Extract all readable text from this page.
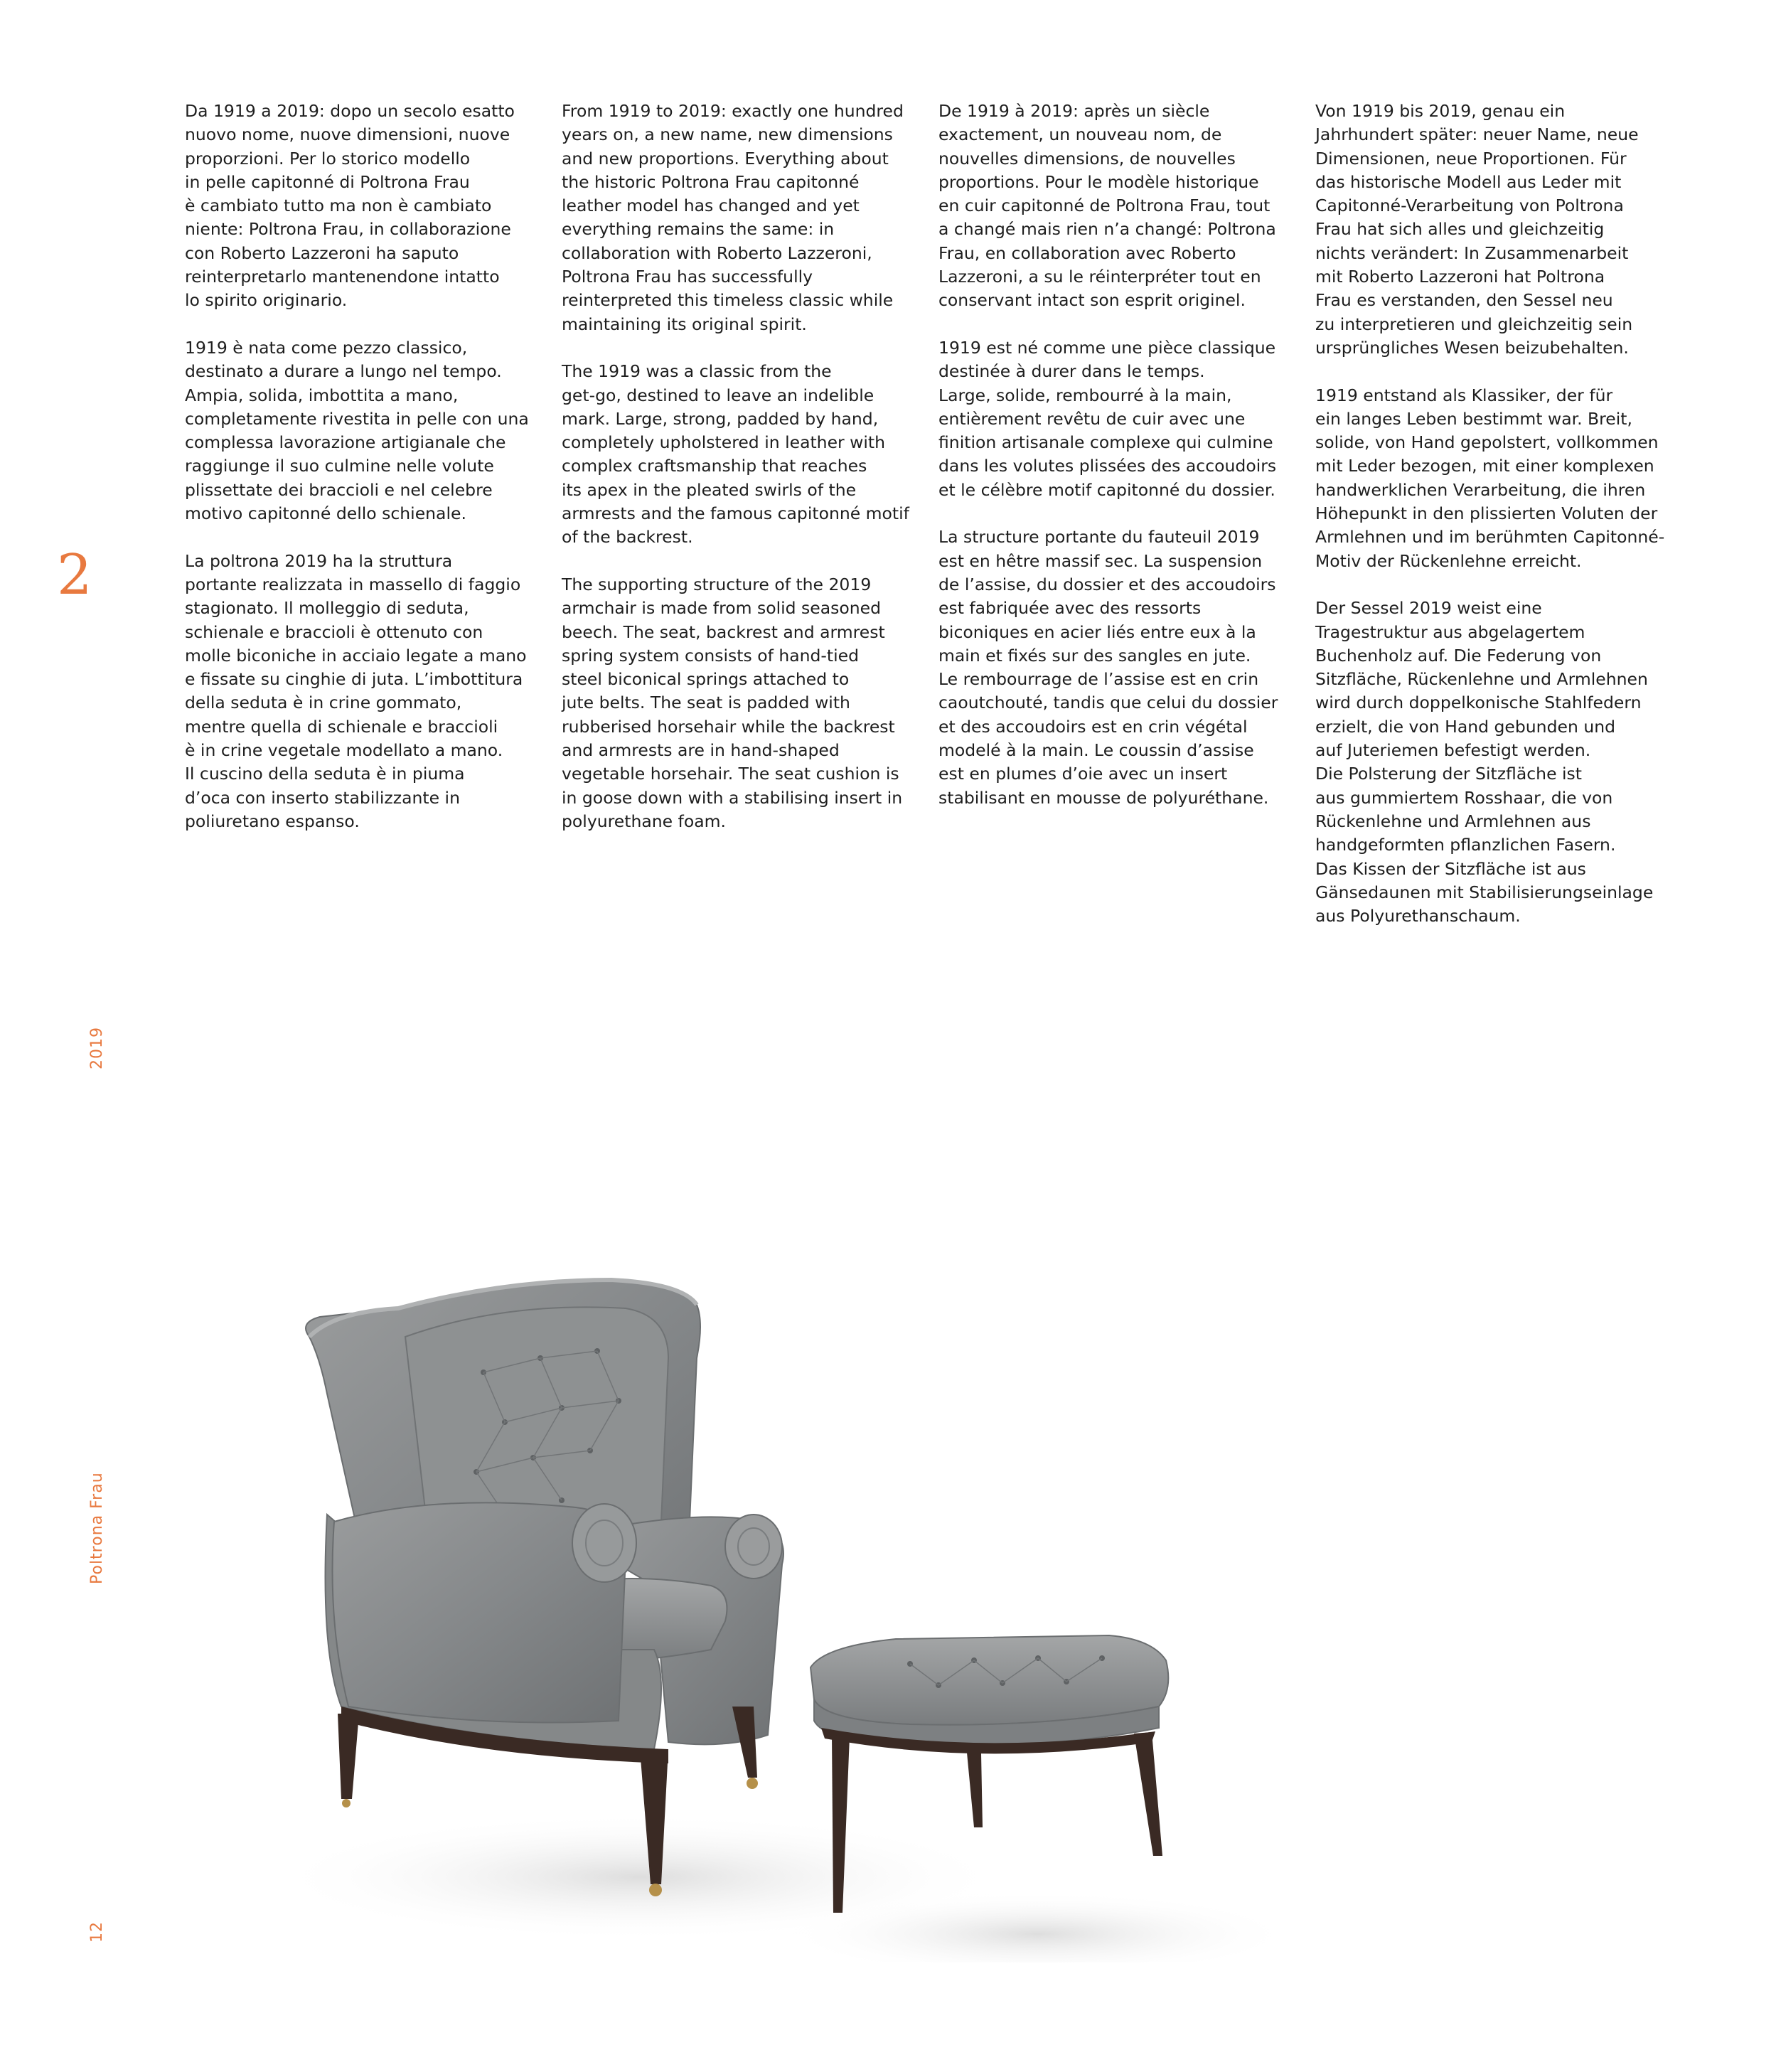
2
2019
Poltrona Frau
12

Da 1919 a 2019: dopo un secolo esatto
nuovo nome, nuove dimensioni, nuove
proporzioni. Per lo storico modello
in pelle capitonné di Poltrona Frau
è cambiato tutto ma non è cambiato
niente: Poltrona Frau, in collaborazione
con Roberto Lazzeroni ha saputo
reinterpretarlo mantenendone intatto
lo spirito originario.

1919 è nata come pezzo classico,
destinato a durare a lungo nel tempo.
Ampia, solida, imbottita a mano,
completamente rivestita in pelle con una
complessa lavorazione artigianale che
raggiunge il suo culmine nelle volute
plissettate dei braccioli e nel celebre
motivo capitonné dello schienale.

La poltrona 2019 ha la struttura
portante realizzata in massello di faggio
stagionato. Il molleggio di seduta,
schienale e braccioli è ottenuto con
molle biconiche in acciaio legate a mano
e fissate su cinghie di juta. L’imbottitura
della seduta è in crine gommato,
mentre quella di schienale e braccioli
è in crine vegetale modellato a mano.
Il cuscino della seduta è in piuma
d’oca con inserto stabilizzante in
poliuretano espanso.

From 1919 to 2019: exactly one hundred
years on, a new name, new dimensions
and new proportions. Everything about
the historic Poltrona Frau capitonné
leather model has changed and yet
everything remains the same: in
collaboration with Roberto Lazzeroni,
Poltrona Frau has successfully
reinterpreted this timeless classic while
maintaining its original spirit.

The 1919 was a classic from the
get-go, destined to leave an indelible
mark. Large, strong, padded by hand,
completely upholstered in leather with
complex craftsmanship that reaches
its apex in the pleated swirls of the
armrests and the famous capitonné motif
of the backrest.

The supporting structure of the 2019
armchair is made from solid seasoned
beech. The seat, backrest and armrest
spring system consists of hand-tied
steel biconical springs attached to
jute belts. The seat is padded with
rubberised horsehair while the backrest
and armrests are in hand-shaped
vegetable horsehair. The seat cushion is
in goose down with a stabilising insert in
polyurethane foam.

De 1919 à 2019: après un siècle
exactement, un nouveau nom, de
nouvelles dimensions, de nouvelles
proportions. Pour le modèle historique
en cuir capitonné de Poltrona Frau, tout
a changé mais rien n’a changé: Poltrona
Frau, en collaboration avec Roberto
Lazzeroni, a su le réinterpréter tout en
conservant intact son esprit originel.

1919 est né comme une pièce classique
destinée à durer dans le temps.
Large, solide, rembourré à la main,
entièrement revêtu de cuir avec une
finition artisanale complexe qui culmine
dans les volutes plissées des accoudoirs
et le célèbre motif capitonné du dossier.

La structure portante du fauteuil 2019
est en hêtre massif sec. La suspension
de l’assise, du dossier et des accoudoirs
est fabriquée avec des ressorts
biconiques en acier liés entre eux à la
main et fixés sur des sangles en jute.
Le rembourrage de l’assise est en crin
caoutchouté, tandis que celui du dossier
et des accoudoirs est en crin végétal
modelé à la main. Le coussin d’assise
est en plumes d’oie avec un insert
stabilisant en mousse de polyuréthane.

Von 1919 bis 2019, genau ein
Jahrhundert später: neuer Name, neue
Dimensionen, neue Proportionen. Für
das historische Modell aus Leder mit
Capitonné-Verarbeitung von Poltrona
Frau hat sich alles und gleichzeitig
nichts verändert: In Zusammenarbeit
mit Roberto Lazzeroni hat Poltrona
Frau es verstanden, den Sessel neu
zu interpretieren und gleichzeitig sein
ursprüngliches Wesen beizubehalten.

1919 entstand als Klassiker, der für
ein langes Leben bestimmt war. Breit,
solide, von Hand gepolstert, vollkommen
mit Leder bezogen, mit einer komplexen
handwerklichen Verarbeitung, die ihren
Höhepunkt in den plissierten Voluten der
Armlehnen und im berühmten Capitonné-
Motiv der Rückenlehne erreicht.

Der Sessel 2019 weist eine
Tragestruktur aus abgelagertem
Buchenholz auf. Die Federung von
Sitzfläche, Rückenlehne und Armlehnen
wird durch doppelkonische Stahlfedern
erzielt, die von Hand gebunden und
auf Juteriemen befestigt werden.
Die Polsterung der Sitzfläche ist
aus gummiertem Rosshaar, die von
Rückenlehne und Armlehnen aus
handgeformten pflanzlichen Fasern.
Das Kissen der Sitzfläche ist aus
Gänsedaunen mit Stabilisierungseinlage
aus Polyurethanschaum.
